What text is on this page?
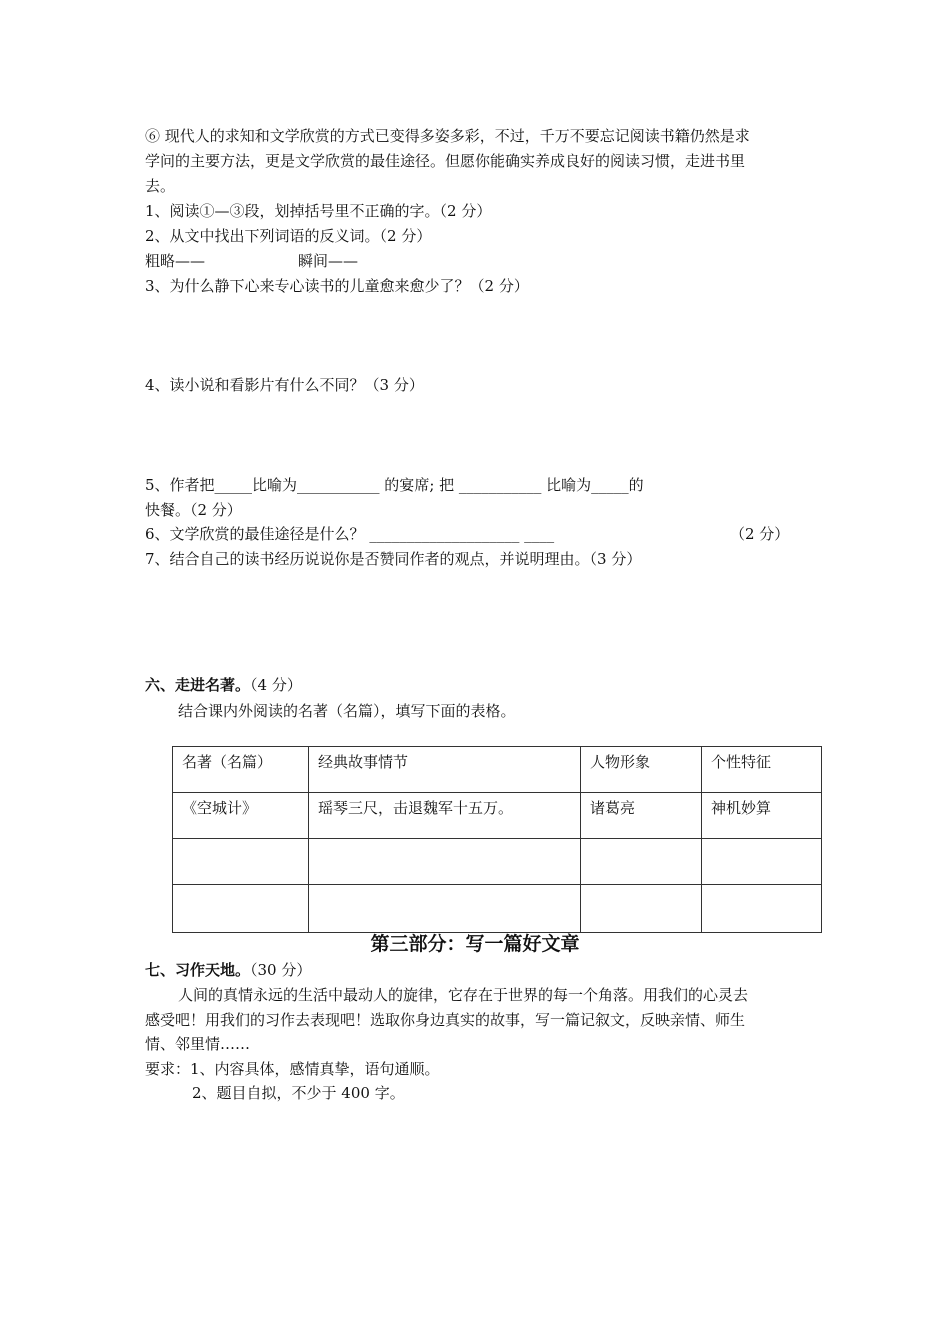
⑥ 现代人的求知和文学欣赏的方式已变得多姿多彩，不过，千万不要忘记阅读书籍仍然是求
学问的主要方法，更是文学欣赏的最佳途径。但愿你能确实养成良好的阅读习惯，走进书里
去。
1、阅读①—③段，划掉括号里不正确的字。（2 分）
2、从文中找出下列词语的反义词。（2 分）
粗略——	瞬间——
3、为什么静下心来专心读书的儿童愈来愈少了？（2 分）
4、读小说和看影片有什么不同？（3 分）
5、作者把_____比喻为___________ 的宴席; 把 ___________ 比喻为_____的
快餐。（2 分）
6、文学欣赏的最佳途径是什么？ ____________________ ____	（2 分）
7、结合自己的读书经历说说你是否赞同作者的观点，并说明理由。（3 分）
六、走进名著。（4 分）
结合课内外阅读的名著（名篇），填写下面的表格。
名著（名篇）	经典故事情节	人物形象	个性特征
《空城计》	瑶琴三尺，击退魏军十五万。	诸葛亮	神机妙算

第三部分：写一篇好文章
七、习作天地。（30 分）
人间的真情永远的生活中最动人的旋律，它存在于世界的每一个角落。用我们的心灵去
感受吧！用我们的习作去表现吧！选取你身边真实的故事，写一篇记叙文，反映亲情、师生
情、邻里情……
要求：1、内容具体，感情真挚，语句通顺。
2、题目自拟，不少于 400 字。
